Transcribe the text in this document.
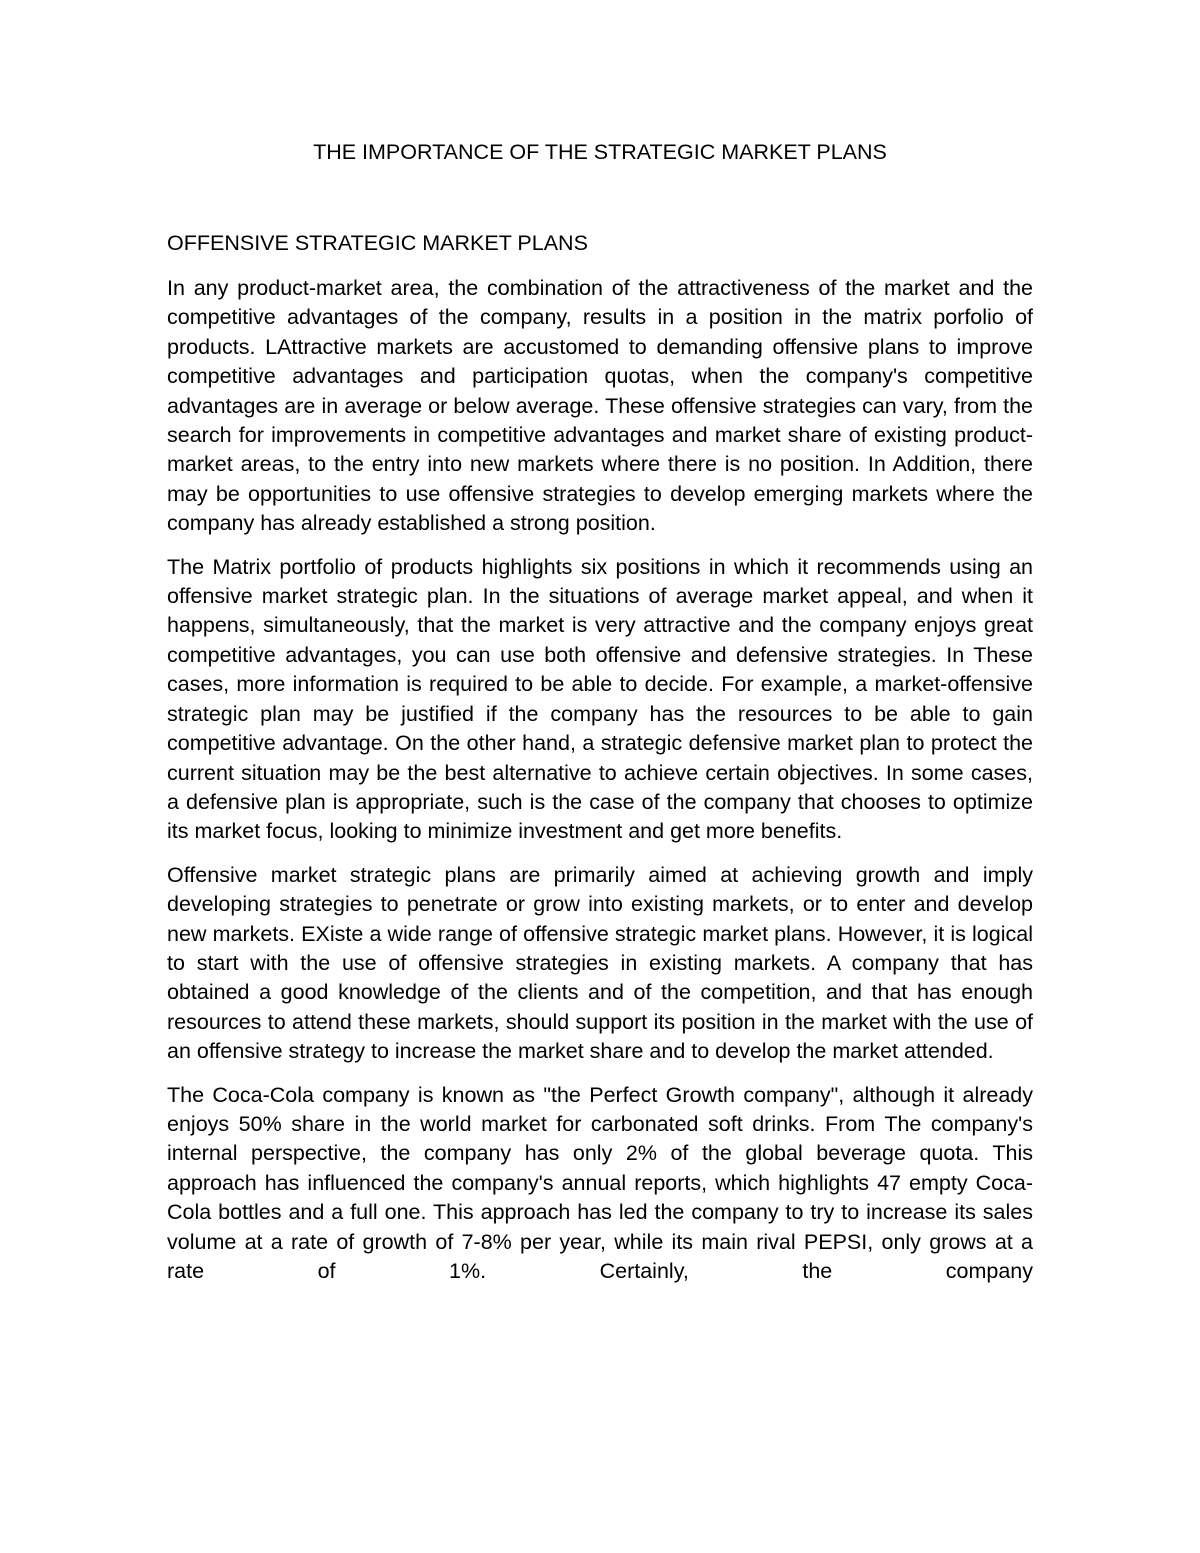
THE IMPORTANCE OF THE STRATEGIC MARKET PLANS
OFFENSIVE STRATEGIC MARKET PLANS

In any product-market area, the combination of the attractiveness of the market and the competitive advantages of the company, results in a position in the matrix porfolio of products. LAttractive markets are accustomed to demanding offensive plans to improve competitive advantages and participation quotas, when the company's competitive advantages are in average or below average. These offensive strategies can vary, from the search for improvements in competitive advantages and market share of existing product-market areas, to the entry into new markets where there is no position. In Addition, there may be opportunities to use offensive strategies to develop emerging markets where the company has already established a strong position.

The Matrix portfolio of products highlights six positions in which it recommends using an offensive market strategic plan. In the situations of average market appeal, and when it happens, simultaneously, that the market is very attractive and the company enjoys great competitive advantages, you can use both offensive and defensive strategies. In These cases, more information is required to be able to decide. For example, a market-offensive strategic plan may be justified if the company has the resources to be able to gain competitive advantage. On the other hand, a strategic defensive market plan to protect the current situation may be the best alternative to achieve certain objectives. In some cases, a defensive plan is appropriate, such is the case of the company that chooses to optimize its market focus, looking to minimize investment and get more benefits.

Offensive market strategic plans are primarily aimed at achieving growth and imply developing strategies to penetrate or grow into existing markets, or to enter and develop new markets. EXiste a wide range of offensive strategic market plans. However, it is logical to start with the use of offensive strategies in existing markets. A company that has obtained a good knowledge of the clients and of the competition, and that has enough resources to attend these markets, should support its position in the market with the use of an offensive strategy to increase the market share and to develop the market attended.

The Coca-Cola company is known as "the Perfect Growth company", although it already enjoys 50% share in the world market for carbonated soft drinks. From The company's internal perspective, the company has only 2% of the global beverage quota. This approach has influenced the company's annual reports, which highlights 47 empty Coca-Cola bottles and a full one. This approach has led the company to try to increase its sales volume at a rate of growth of 7-8% per year, while its main rival PEPSI, only grows at a rate of 1%. Certainly, the company
